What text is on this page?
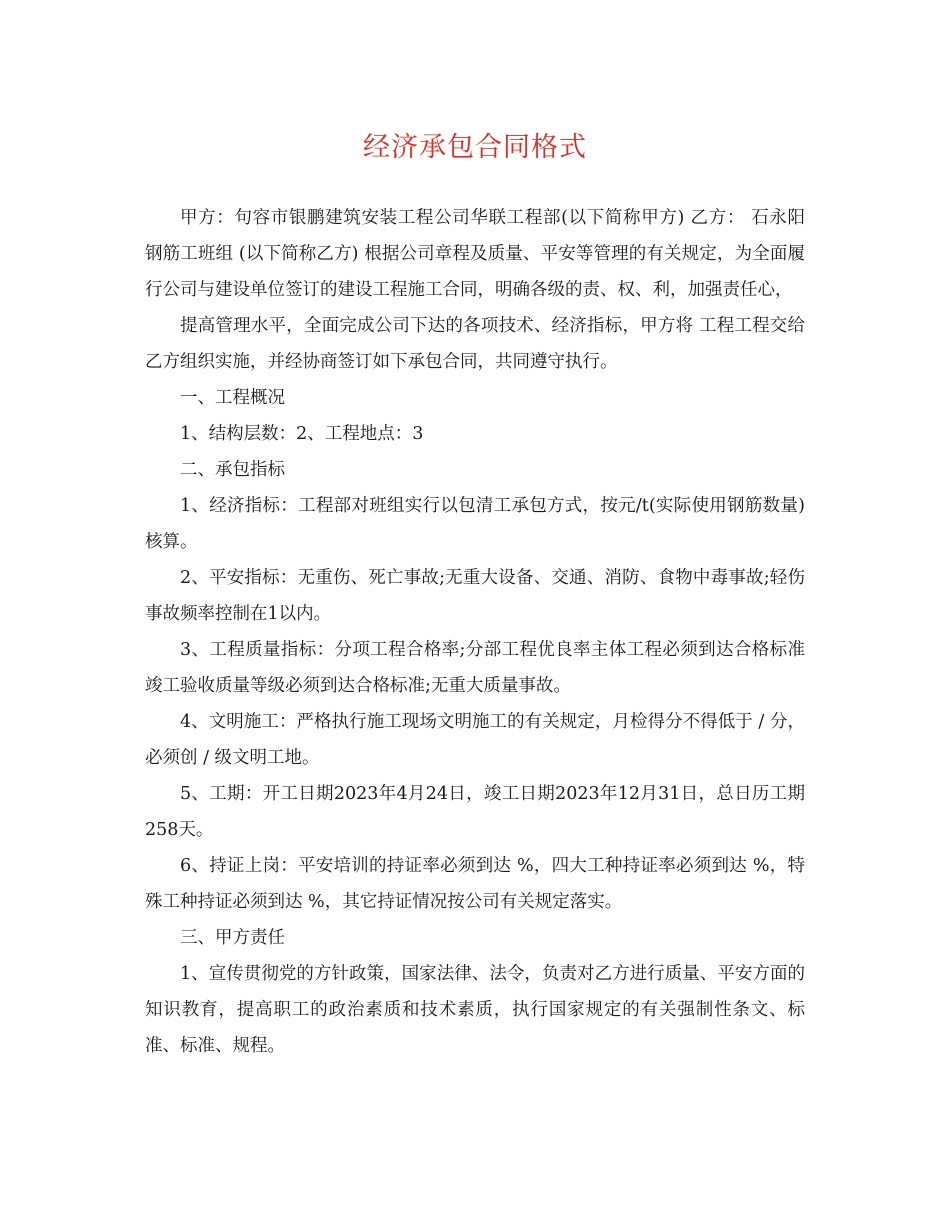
经济承包合同格式

甲方：句容市银鹏建筑安装工程公司华联工程部(以下简称甲方) 乙方： 石永阳 钢筋工班组 (以下简称乙方) 根据公司章程及质量、平安等管理的有关规定，为全面履行公司与建设单位签订的建设工程施工合同，明确各级的责、权、利，加强责任心，

提高管理水平，全面完成公司下达的各项技术、经济指标，甲方将 工程工程交给乙方组织实施，并经协商签订如下承包合同，共同遵守执行。

一、工程概况

1、结构层数：2、工程地点：3

二、承包指标

1、经济指标：工程部对班组实行以包清工承包方式，按元/t(实际使用钢筋数量)核算。

2、平安指标：无重伤、死亡事故;无重大设备、交通、消防、食物中毒事故;轻伤事故频率控制在1以内。

3、工程质量指标：分项工程合格率;分部工程优良率主体工程必须到达合格标准竣工验收质量等级必须到达合格标准;无重大质量事故。

4、文明施工：严格执行施工现场文明施工的有关规定，月检得分不得低于 / 分，必须创 / 级文明工地。

5、工期：开工日期2023年4月24日，竣工日期2023年12月31日，总日历工期258天。

6、持证上岗：平安培训的持证率必须到达 %，四大工种持证率必须到达 %，特殊工种持证必须到达 %，其它持证情况按公司有关规定落实。

三、甲方责任

1、宣传贯彻党的方针政策，国家法律、法令，负责对乙方进行质量、平安方面的知识教育，提高职工的政治素质和技术素质，执行国家规定的有关强制性条文、标准、标准、规程。
